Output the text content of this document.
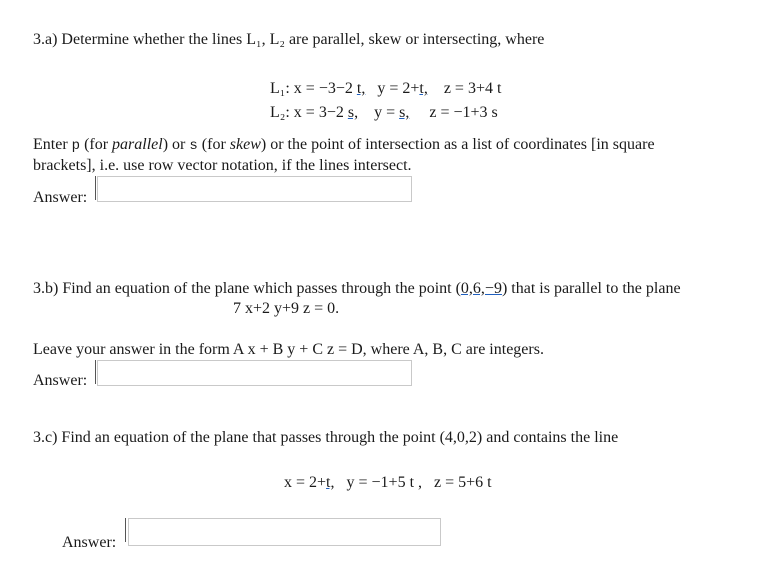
3.a) Determine whether the lines L₁, L₂ are parallel, skew or intersecting, where
L₁: x = −3−2 t, y = 2+t, z = 3+4 t
L₂: x = 3−2 s, y = s, z = −1+3 s
Enter p (for parallel) or s (for skew) or the point of intersection as a list of coordinates [in square
brackets], i.e. use row vector notation, if the lines intersect.
Answer:
3.b) Find an equation of the plane which passes through the point (0,6,−9) that is parallel to the plane
7 x+2 y+9 z = 0.
Leave your answer in the form A x + B y + C z = D, where A, B, C are integers.
Answer:
3.c) Find an equation of the plane that passes through the point (4,0,2) and contains the line
x = 2+t, y = −1+5 t , z = 5+6 t
Answer:
